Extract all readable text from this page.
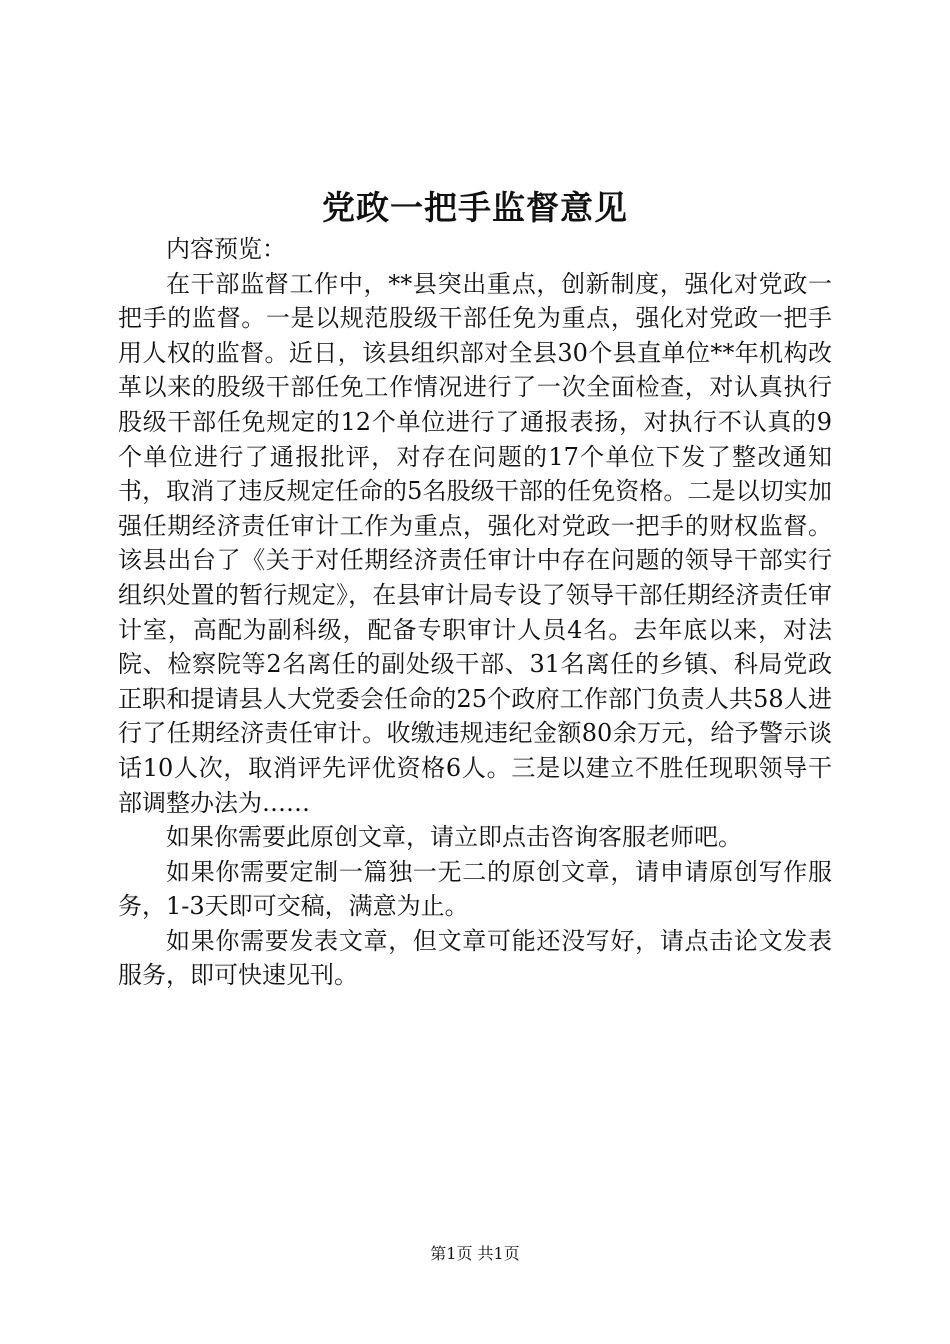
党政一把手监督意见

内容预览：

在干部监督工作中，**县突出重点，创新制度，强化对党政一把手的监督。一是以规范股级干部任免为重点，强化对党政一把手用人权的监督。近日，该县组织部对全县30个县直单位**年机构改革以来的股级干部任免工作情况进行了一次全面检查，对认真执行股级干部任免规定的12个单位进行了通报表扬，对执行不认真的9个单位进行了通报批评，对存在问题的17个单位下发了整改通知书，取消了违反规定任命的5名股级干部的任免资格。二是以切实加强任期经济责任审计工作为重点，强化对党政一把手的财权监督。该县出台了《关于对任期经济责任审计中存在问题的领导干部实行组织处置的暂行规定》，在县审计局专设了领导干部任期经济责任审计室，高配为副科级，配备专职审计人员4名。去年底以来，对法院、检察院等2名离任的副处级干部、31名离任的乡镇、科局党政正职和提请县人大党委会任命的25个政府工作部门负责人共58人进行了任期经济责任审计。收缴违规违纪金额80余万元，给予警示谈话10人次，取消评先评优资格6人。三是以建立不胜任现职领导干部调整办法为……

如果你需要此原创文章，请立即点击咨询客服老师吧。

如果你需要定制一篇独一无二的原创文章，请申请原创写作服务，1-3天即可交稿，满意为止。

如果你需要发表文章，但文章可能还没写好，请点击论文发表服务，即可快速见刊。

第1页 共1页
